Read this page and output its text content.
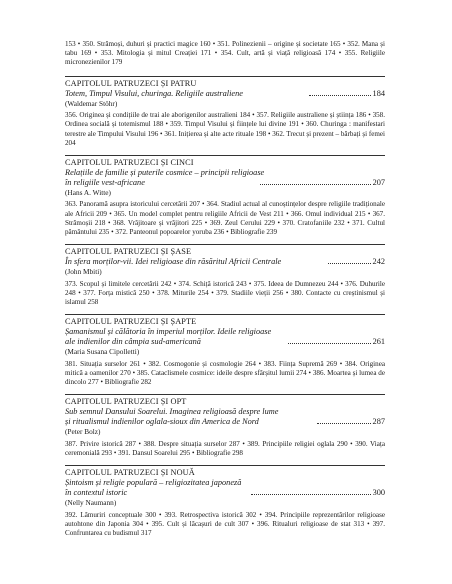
153 • 350. Strămoși, duhuri și practici magice 160 • 351. Polinezienii – origine și societate 165 • 352. Mana și tabu 169 • 353. Mitologia și mitul Creației 171 • 354. Cult, artă și viață religioasă 174 • 355. Religiile micronezienilor 179
CAPITOLUL PATRUZECI ȘI PATRU
Totem, Timpul Visului, churinga. Religiile australiene	184
(Waldemar Stöhr)
356. Originea și condițiile de trai ale aborigenilor australieni 184 • 357. Religiile australiene și știința 186 • 358. Ordinea socială și totemismul 188 • 359. Timpul Visului și ființele lui divine 191 • 360. Churinga : manifestari terestre ale Timpului Visului 196 • 361. Inițierea și alte acte rituale 198 • 362. Trecut și prezent – bărbați și femei 204
CAPITOLUL PATRUZECI ȘI CINCI
Relațiile de familie și puterile cosmice – principii religioase
în religiile vest-africane	207
(Hans A. Witte)
363. Panoramă asupra istoricului cercetării 207 • 364. Stadiul actual al cunoștințelor despre religiile tradiționale ale Africii 209 • 365. Un model complet pentru religiile Africii de Vest 211 • 366. Omul individual 215 • 367. Strămoșii 218 • 368. Vrăjitoare și vrăjitori 225 • 369. Zeul Cerului 229 • 370. Cratofaniile 232 • 371. Cultul pământului 235 • 372. Panteonul popoarelor yoruba 236 • Bibliografie 239
CAPITOLUL PATRUZECI ȘI ȘASE
În sfera morților-vii. Idei religioase din răsăritul Africii Centrale	242
(John Mbiti)
373. Scopul și limitele cercetării 242 • 374. Schiță istorică 243 • 375. Ideea de Dumnezeu 244 • 376. Duhurile 248 • 377. Forța mistică 250 • 378. Miturile 254 • 379. Stadiile vieții 256 • 380. Contacte cu creștinismul și islamul 258
CAPITOLUL PATRUZECI ȘI ȘAPTE
Șamanismul și călătoria în imperiul morților. Ideile religioase
ale indienilor din câmpia sud-americană	261
(Maria Susana Cipolletti)
381. Situația surselor 261 • 382. Cosmogonie și cosmologie 264 • 383. Ființa Supremă 269 • 384. Originea mitică a oamenilor 270 • 385. Cataclismele cosmice: ideile despre sfârșitul lumii 274 • 386. Moartea și lumea de dincolo 277 • Bibliografie 282
CAPITOLUL PATRUZECI ȘI OPT
Sub semnul Dansului Soarelui. Imaginea religioasă despre lume
și ritualismul indienilor oglala-sioux din America de Nord	287
(Peter Bolz)
387. Privire istorică 287 • 388. Despre situația surselor 287 • 389. Principiile religiei oglala 290 • 390. Viața ceremonială 293 • 391. Dansul Soarelui 295 • Bibliografie 298
CAPITOLUL PATRUZECI ȘI NOUĂ
Șintoism și religie populară – religiozitatea japoneză
în contextul istoric	300
(Nelly Naumann)
392. Lămuriri conceptuale 300 • 393. Retrospectiva istorică 302 • 394. Principiile reprezentărilor religioase autohtone din Japonia 304 • 395. Cult și lăcașuri de cult 307 • 396. Ritualuri religioase de stat 313 • 397. Confruntarea cu budismul 317
